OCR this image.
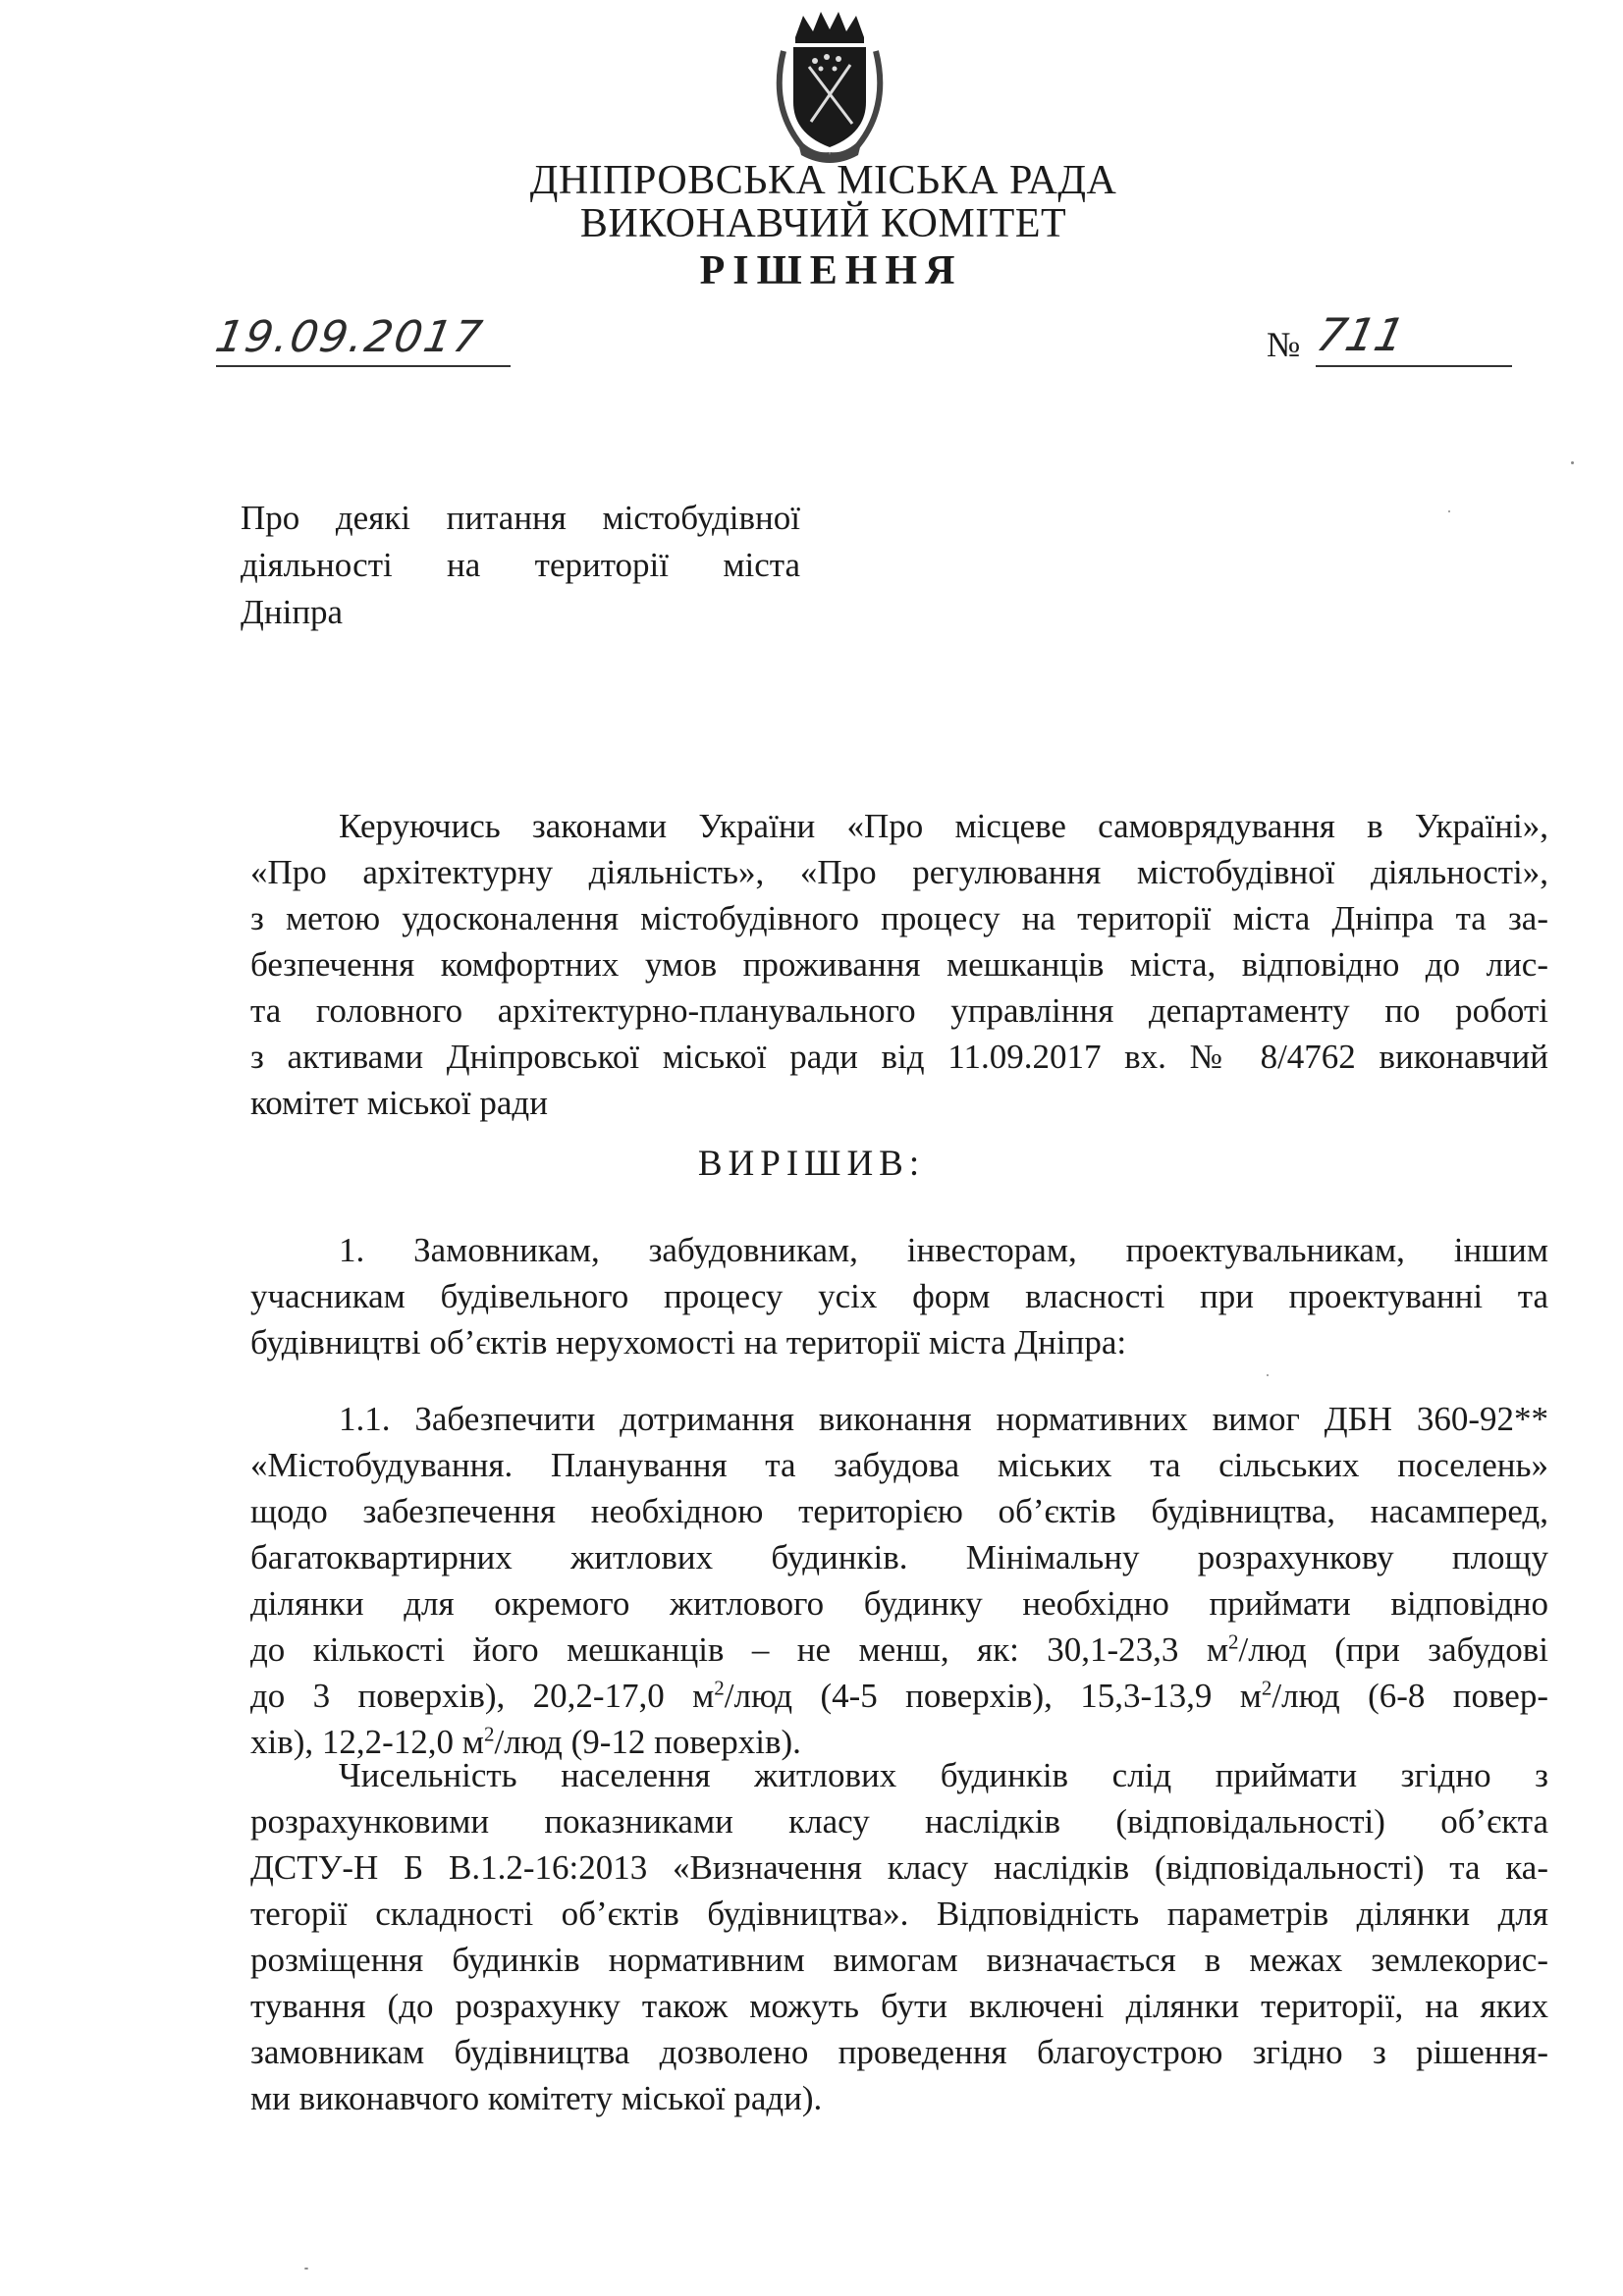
ДНІПРОВСЬКА МІСЬКА РАДА
ВИКОНАВЧИЙ КОМІТЕТ
РІШЕННЯ
19.09.2017	№ 711
Про деякі питання містобудівної
діяльності на території міста
Дніпра
Керуючись законами України «Про місцеве самоврядування в Україні»,
«Про архітектурну діяльність», «Про регулювання містобудівної діяльності»,
з метою удосконалення містобудівного процесу на території міста Дніпра та за-
безпечення комфортних умов проживання мешканців міста, відповідно до лис-
та головного архітектурно-планувального управління департаменту по роботі
з активами Дніпровської міської ради від 11.09.2017 вх. № 8/4762 виконавчий
комітет міської ради
ВИРІШИВ:
1. Замовникам, забудовникам, інвесторам, проектувальникам, іншим
учасникам будівельного процесу усіх форм власності при проектуванні та
будівництві об’єктів нерухомості на території міста Дніпра:
1.1. Забезпечити дотримання виконання нормативних вимог ДБН 360-92**
«Містобудування. Планування та забудова міських та сільських поселень»
щодо забезпечення необхідною територією об’єктів будівництва, насамперед,
багатоквартирних житлових будинків. Мінімальну розрахункову площу
ділянки для окремого житлового будинку необхідно приймати відповідно
до кількості його мешканців – не менш, як: 30,1-23,3 $м^2$/люд (при забудові
до 3 поверхів), 20,2-17,0 $м^2$/люд (4-5 поверхів), 15,3-13,9 $м^2$/люд (6-8 повер-
хів), 12,2-12,0 $м^2$/люд (9-12 поверхів).
Чисельність населення житлових будинків слід приймати згідно з
розрахунковими показниками класу наслідків (відповідальності) об’єкта
ДСТУ-Н Б В.1.2-16:2013 «Визначення класу наслідків (відповідальності) та ка-
тегорії складності об’єктів будівництва». Відповідність параметрів ділянки для
розміщення будинків нормативним вимогам визначається в межах землекорис-
тування (до розрахунку також можуть бути включені ділянки території, на яких
замовникам будівництва дозволено проведення благоустрою згідно з рішення-
ми виконавчого комітету міської ради).
